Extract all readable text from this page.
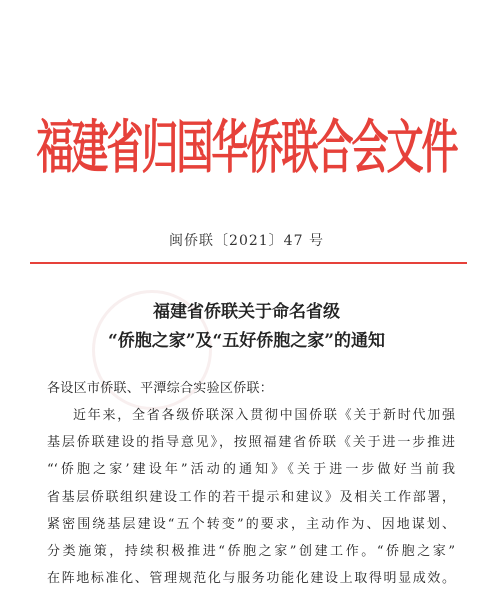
福建省归国华侨联合会文件
闽侨联〔2021〕47 号
福建省侨联关于命名省级
“侨胞之家”及“五好侨胞之家”的通知
各设区市侨联、平潭综合实验区侨联：
近年来，全省各级侨联深入贯彻中国侨联《关于新时代加强
基层侨联建设的指导意见》，按照福建省侨联《关于进一步推进
“‘侨胞之家’建设年”活动的通知》《关于进一步做好当前我
省基层侨联组织建设工作的若干提示和建议》及相关工作部署，
紧密围绕基层建设“五个转变”的要求，主动作为、因地谋划、
分类施策，持续积极推进“侨胞之家”创建工作。“侨胞之家”
在阵地标准化、管理规范化与服务功能化建设上取得明显成效。
